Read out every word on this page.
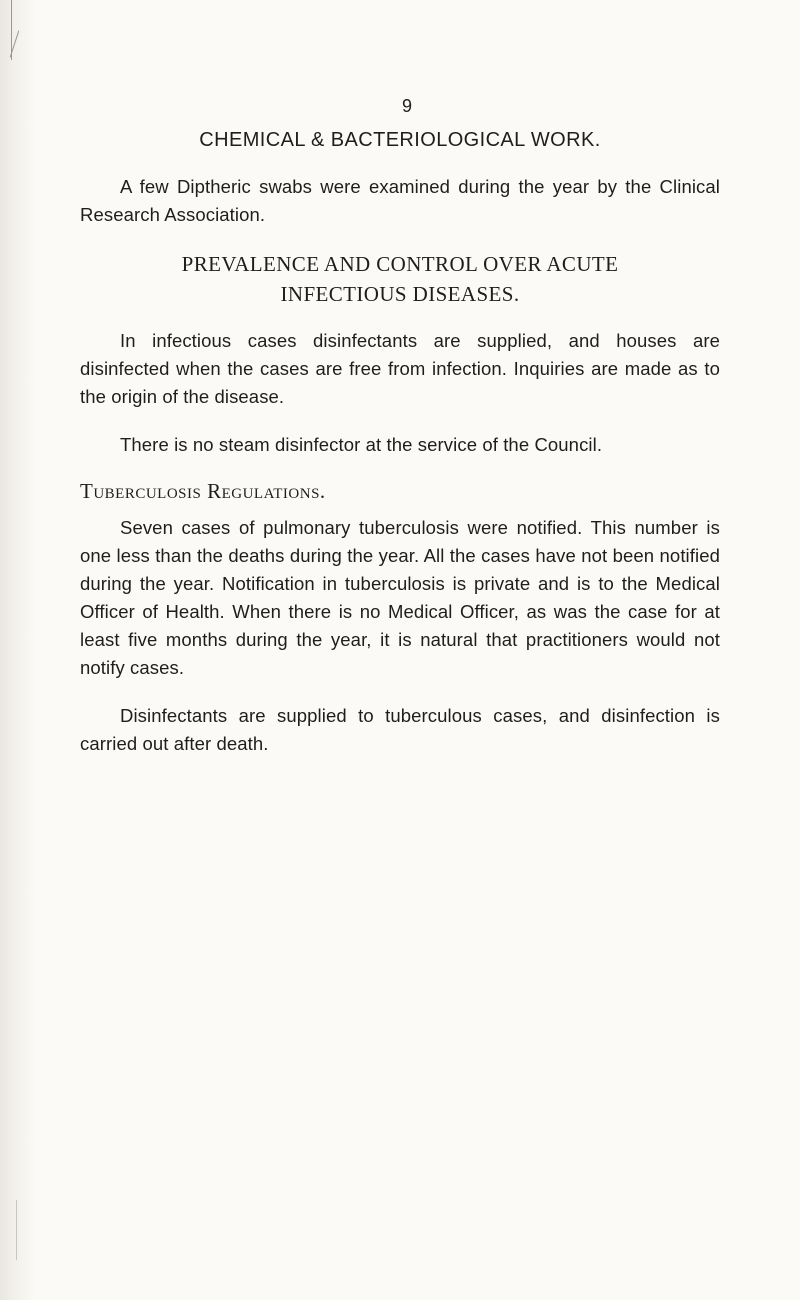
9
CHEMICAL & BACTERIOLOGICAL WORK.

A few Diptheric swabs were examined during the year by the Clinical Research Association.

PREVALENCE AND CONTROL OVER ACUTE
INFECTIOUS DISEASES.

In infectious cases disinfectants are supplied, and houses are disinfected when the cases are free from infection. Inquiries are made as to the origin of the disease.

There is no steam disinfector at the service of the Council.

Tuberculosis Regulations.

Seven cases of pulmonary tuberculosis were notified. This number is one less than the deaths during the year. All the cases have not been notified during the year. Notification in tuberculosis is private and is to the Medical Officer of Health. When there is no Medical Officer, as was the case for at least five months during the year, it is natural that practitioners would not notify cases.

Disinfectants are supplied to tuberculous cases, and disinfection is carried out after death.
